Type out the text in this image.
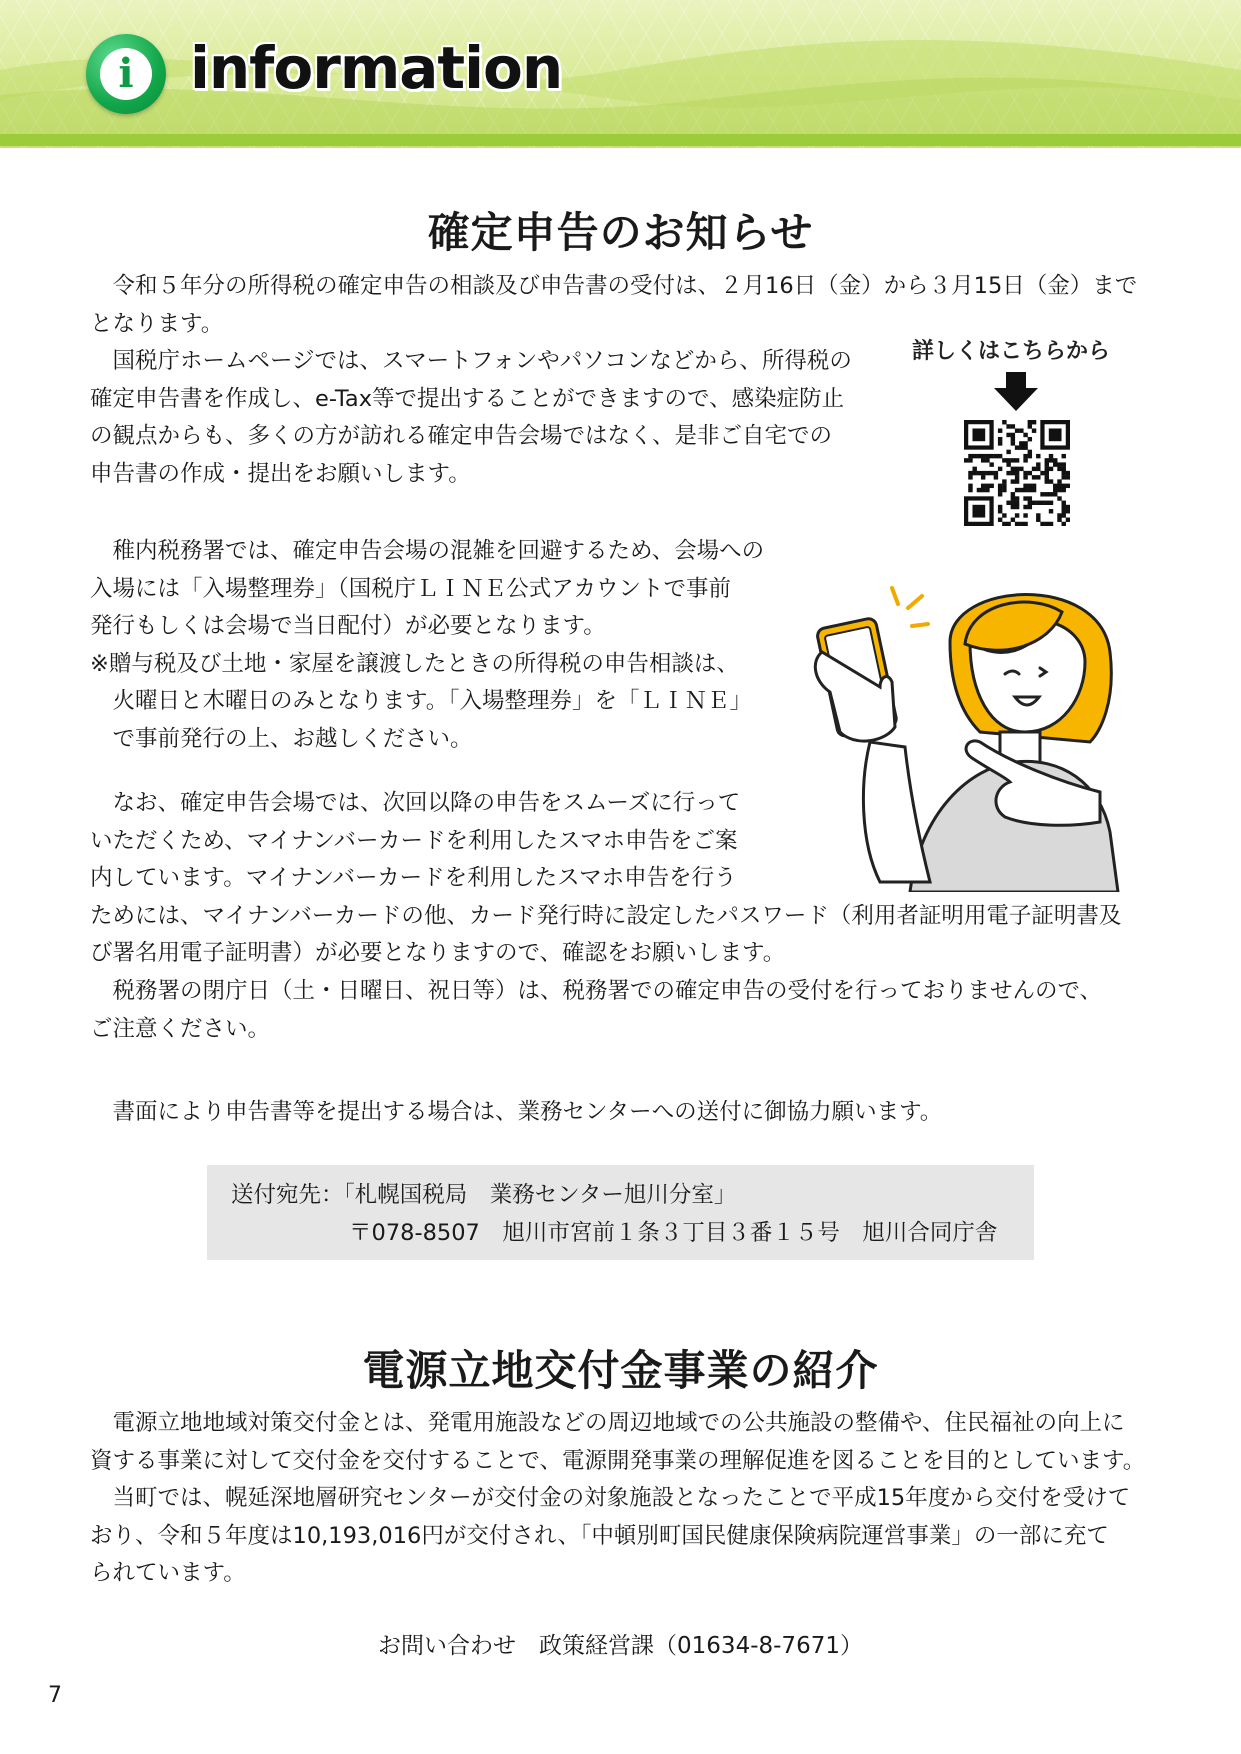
i information
確定申告のお知らせ
　令和５年分の所得税の確定申告の相談及び申告書の受付は、２月16日（金）から３月15日（金）まで
となります。
　国税庁ホームページでは、スマートフォンやパソコンなどから、所得税の
確定申告書を作成し、e-Tax等で提出することができますので、感染症防止
の観点からも、多くの方が訪れる確定申告会場ではなく、是非ご自宅での
申告書の作成・提出をお願いします。
詳しくはこちらから
　稚内税務署では、確定申告会場の混雑を回避するため、会場への
入場には「入場整理券」（国税庁ＬＩＮＥ公式アカウントで事前
発行もしくは会場で当日配付）が必要となります。
※贈与税及び土地・家屋を譲渡したときの所得税の申告相談は、
　火曜日と木曜日のみとなります。「入場整理券」を「ＬＩＮＥ」
　で事前発行の上、お越しください。
　なお、確定申告会場では、次回以降の申告をスムーズに行って
いただくため、マイナンバーカードを利用したスマホ申告をご案
内しています。マイナンバーカードを利用したスマホ申告を行う
ためには、マイナンバーカードの他、カード発行時に設定したパスワード（利用者証明用電子証明書及
び署名用電子証明書）が必要となりますので、確認をお願いします。
　税務署の閉庁日（土・日曜日、祝日等）は、税務署での確定申告の受付を行っておりませんので、
ご注意ください。
　書面により申告書等を提出する場合は、業務センターへの送付に御協力願います。
送付宛先：「札幌国税局　業務センター旭川分室」
〒078-8507　旭川市宮前１条３丁目３番１５号　旭川合同庁舎
電源立地交付金事業の紹介
　電源立地地域対策交付金とは、発電用施設などの周辺地域での公共施設の整備や、住民福祉の向上に
資する事業に対して交付金を交付することで、電源開発事業の理解促進を図ることを目的としています。
　当町では、幌延深地層研究センターが交付金の対象施設となったことで平成15年度から交付を受けて
おり、令和５年度は10,193,016円が交付され、「中頓別町国民健康保険病院運営事業」の一部に充て
られています。
お問い合わせ　政策経営課（01634-8-7671）
7
